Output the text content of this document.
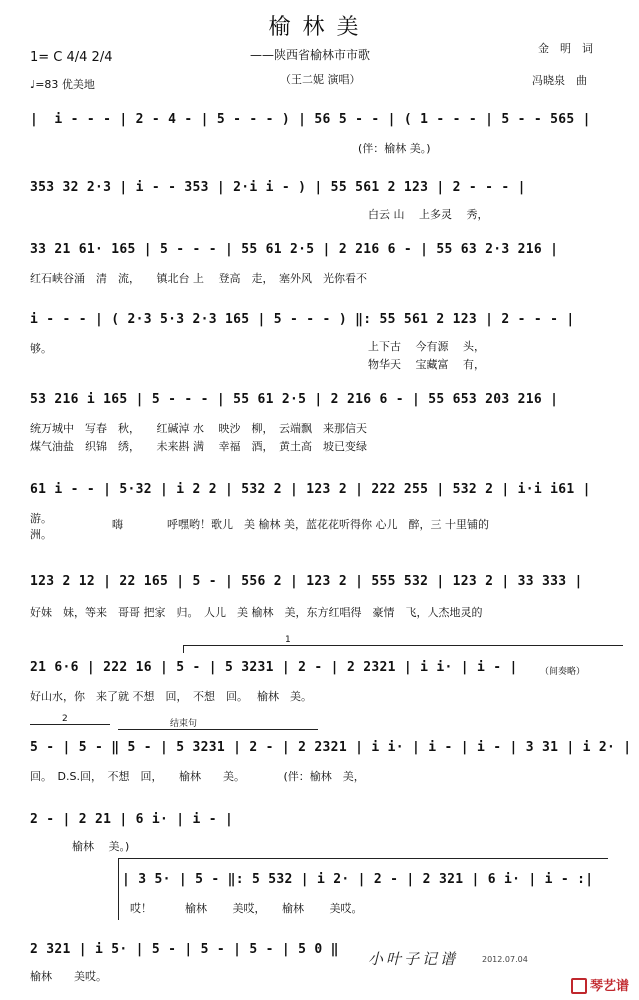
榆林美
——陕西省榆林市市歌
（王二妮 演唱）
金　明　词
冯晓泉　曲
1= C 4/4 2/4
♩=83 优美地
|  i - - - | 2 - 4 - | 5 - - - ) | 56 5 - - | ( 1 - - - | 5 - - 565 |
(伴：榆林 美。)
353 32 2·3 | i - - 353 | 2·i i - ) | 55 561 2 123 | 2 - - - |
白云 山　 上多灵　 秀，
33 21 61· 165 | 5 - - - | 55 61 2·5 | 2 216 6 - | 55 63 2·3 216 |
红石峡谷涌　清　流，　　镇北台 上　 登高　走，　塞外风　光你看不
i - - - | ( 2·3 5·3 2·3 165 | 5 - - - ) ‖: 55 561 2 123 | 2 - - - |
够。	上下古　 今有源　 头，
物华天　 宝藏富　 有，
53 216 i 165 | 5 - - - | 55 61 2·5 | 2 216 6 - | 55 653 203 216 |
统万城中　写春　秋，　　红碱淖 水　 映沙　柳，　云端飘　来那信天
煤气油盐　织锦　绣，　　未来斟 满　 幸福　酒，　黄土高　坡已变绿
61 i - - | 5·32 | i 2 2 | 532 2 | 123 2 | 222 255 | 532 2 | i·i i61 |
游。
洲。
嗨　　　　呼嘿哟！歌儿　美 榆林 美，蓝花花听得你 心儿　醉，三 十里铺的
123 2 12 | 22 165 | 5 - | 556 2 | 123 2 | 555 532 | 123 2 | 33 333 |
好妹　妹，等来　哥哥 把家　归。　人儿　美 榆林　美，东方红唱得　豪情　飞，人杰地灵的
1
21 6·6 | 222 16 | 5 - | 5 3231 | 2 - | 2 2321 | i i· | i - | （间奏略）
好山水，你　来了就 不想　回，　不想　回。　 榆林　美。
2	结束句
5 - | 5 - ‖ 5 - | 5 3231 | 2 - | 2 2321 | i i· | i - | i - | 3 31 | i 2· |
回。　D.S.回，　不想　回，　　榆林　　美。　　　　(伴：榆林　美，
2 - | 2 21 | 6 i· | i - |
榆林　 美。)
| 3 5· | 5 - ‖: 5 532 | i 2· | 2 - | 2 321 | 6 i· | i - :|
哎！　　　榆林　　 美哎，　　榆林　　 美哎。
2 321 | i 5· | 5 - | 5 - | 5 - | 5 0 ‖
榆林　　美哎。
小叶子记谱	2012.07.04
琴艺谱
